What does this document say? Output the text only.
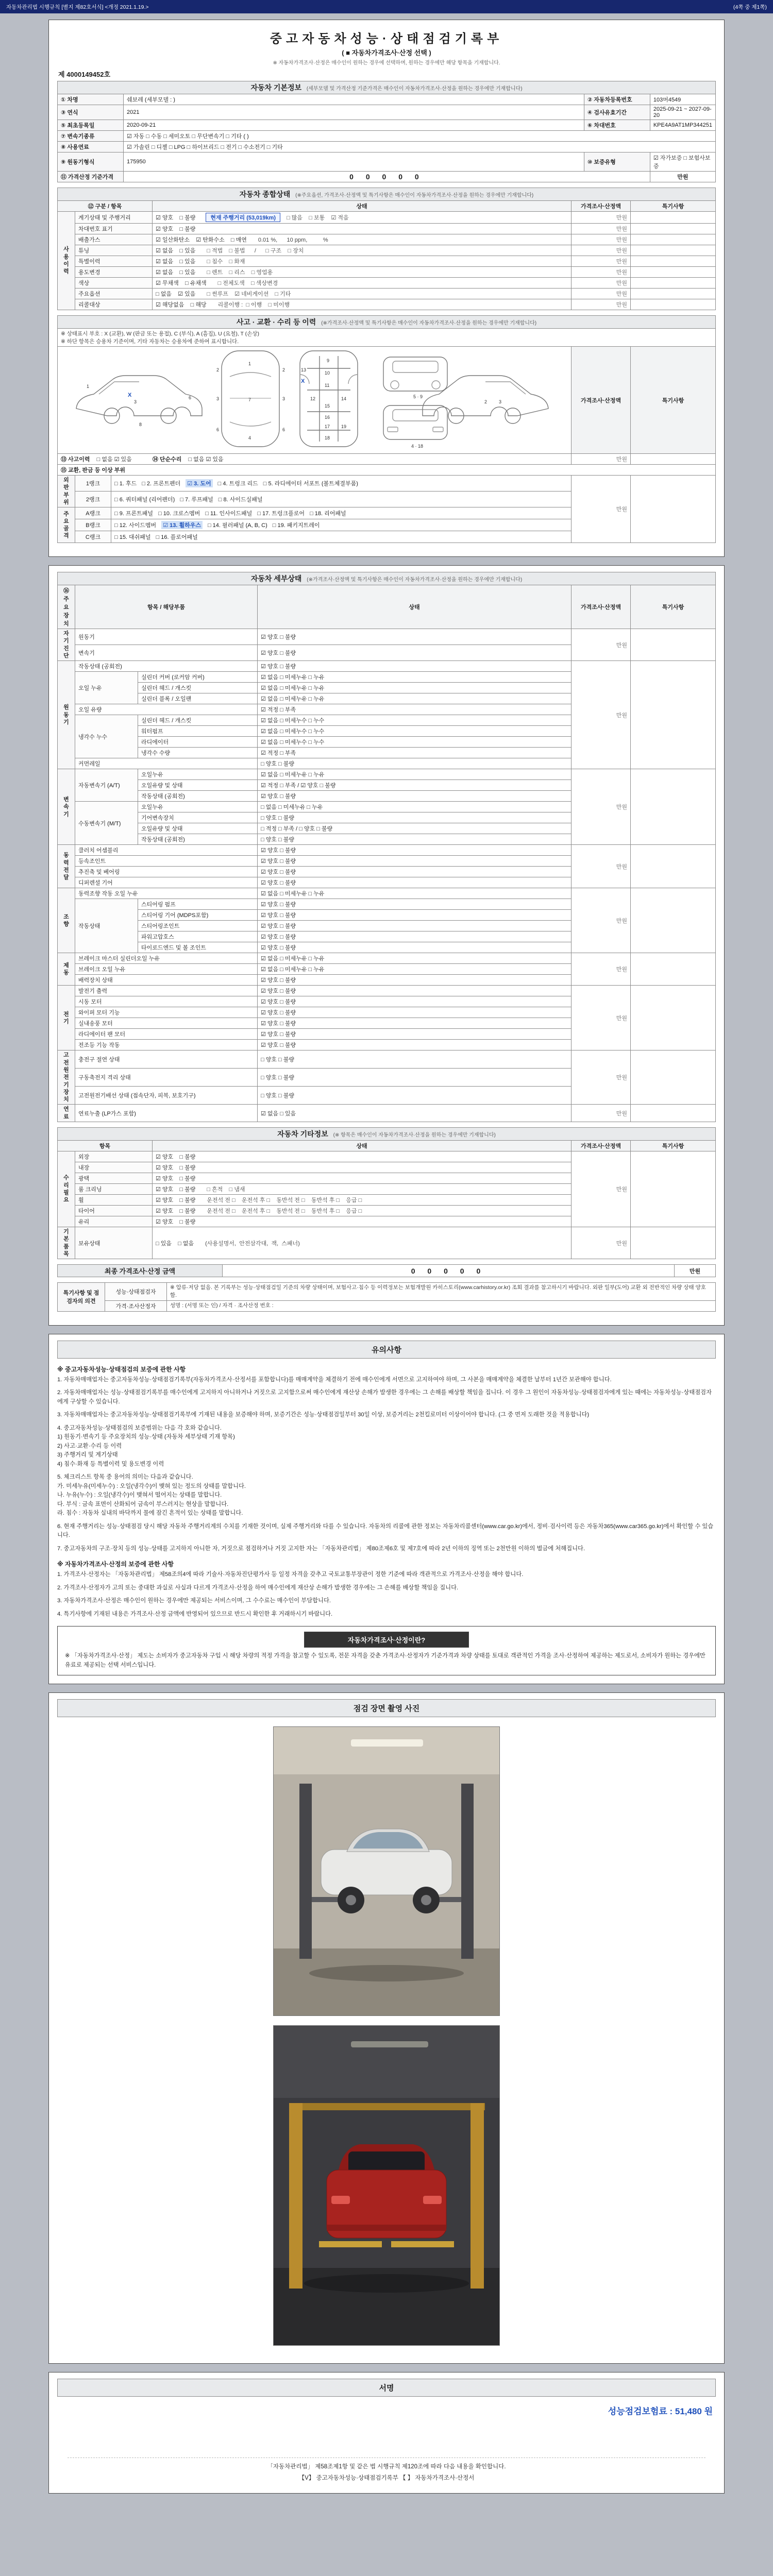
자동차관리법 시행규칙 [별지 제82호서식] <개정 2021.1.19.>	(4쪽 중 제1쪽)
중고자동차성능·상태점검기록부
( ■ 자동차가격조사·산정 선택 )
※ 자동차가격조사·산정은 매수인이 원하는 경우에 선택하며, 원하는 경우에만 해당 항목을 기재합니다.
제 4000149452호
자동차 기본정보 (세부모델 및 가격산정 기준가격은 매수인이 자동차가격조사·산정을 원하는 경우에만 기재합니다)			
① 차명	쉐보레 (세부모델 : )	② 자동차등록번호	103머4549
③ 연식	2021	④ 검사유효기간	2025-09-21 ~ 2027-09-20
⑤ 최초등록일	2020-09-21	⑥ 차대번호	KPE4A9AT1MP344251
⑦ 변속기종류	☑ 자동 □ 수동 □ 세미오토 □ 무단변속기 □ 기타 ( )		
⑧ 사용연료	☑ 가솔린 □ 디젤 □ LPG □ 하이브리드 □ 전기 □ 수소전기 □ 기타		
⑨ 원동기형식	175950	⑩ 보증유형	☑ 자가보증 □ 보험사보증
⑪ 가격산정 기준가격	0 0 0 0 0		만원
자동차 종합상태 (※주요옵션, 가격조사·산정액 및 특기사항은 매수인이 자동차가격조사·산정을 원하는 경우에만 기재합니다)				
⑫ 구분 / 항목		상태	가격조사·산정액	특기사항
사용이력	계기상태 및 주행거리	☑ 양호    □ 불량 현재 주행거리 (53,019km) □ 많음    □ 보통    ☑ 적음	만원	
	차대번호 표기	☑ 양호    □ 불량	만원	
	배출가스	☑ 일산화탄소    ☑ 탄화수소    □ 매연 0.01 %,      10 ppm,          %	만원	
	튜닝	☑ 없음    □ 있음 □ 적법    □ 불법      /      □ 구조    □ 장치	만원	
	특별이력	☑ 없음    □ 있음 □ 침수    □ 화재	만원	
	용도변경	☑ 없음    □ 있음 □ 렌트    □ 리스    □ 영업용	만원	
	색상	☑ 무채색    □ 유채색 □ 전체도색    □ 색상변경	만원	
	주요옵션	□ 없음    ☑ 있음 □ 썬루프    ☑ 네비게이션    □ 기타	만원	
	리콜대상	☑ 해당없음    □ 해당 리콜이행 :  □ 이행    □ 미이행	만원	
사고 · 교환 · 수리 등 이력 (※가격조사·산정액 및 특기사항은 매수인이 자동차가격조사·산정을 원하는 경우에만 기재합니다)				

※ 상태표시 부호 : X (교환), W (판금 또는 용접), C (부식), A (흠집), U (요철), T (손상)
※ 하단 항목은 승용차 기준이며, 기타 자동차는 승용차에 준하여 표시합니다.				

1
3
6
8
X
1
7
4
2	2
3	3
6	6
9
10
11
12	14
15
16
17
18
19
X
13
5 · 9
4 · 18
2	3	가격조사·산정액	특기사항

⑬ 사고이력 □ 없음 ☑ 있음 ⑭ 단순수리 □ 없음 ☑ 있음			만원	
⑮ 교환, 판금 등 이상 부위				
외판부위	1랭크	□ 1. 후드 □ 2. 프론트펜더 ☑ 3. 도어 □ 4. 트렁크 리드 □ 5. 라디에이터 서포트 (볼트체결부품)	만원	
	2랭크	□ 6. 쿼터패널 (리어펜더) □ 7. 루프패널 □ 8. 사이드실패널		
주요골격	A랭크	□ 9. 프론트패널 □ 10. 크로스멤버 □ 11. 인사이드패널 □ 17. 트렁크플로어 □ 18. 리어패널		
	B랭크	□ 12. 사이드멤버 ☑ 13. 휠하우스 □ 14. 필러패널 (A, B, C) □ 19. 패키지트레이		
	C랭크	□ 15. 대쉬패널 □ 16. 플로어패널		
자동차 세부상태 (※가격조사·산정액 및 특기사항은 매수인이 자동차가격조사·산정을 원하는 경우에만 기재합니다)					
⑯ 주요장치	항목 / 해당부품		상태	가격조사·산정액	특기사항
자기진단	원동기		☑ 양호 □ 불량	만원	
	변속기		☑ 양호 □ 불량		
원동기	작동상태 (공회전)		☑ 양호 □ 불량	만원	
	오일 누유	실린더 커버 (로커암 커버)	☑ 없음 □ 미세누유 □ 누유		
		실린더 헤드 / 개스킷	☑ 없음 □ 미세누유 □ 누유		
		실린더 블록 / 오일팬	☑ 없음 □ 미세누유 □ 누유		
	오일 유량		☑ 적정 □ 부족		
	냉각수 누수	실린더 헤드 / 개스킷	☑ 없음 □ 미세누수 □ 누수		
		워터펌프	☑ 없음 □ 미세누수 □ 누수		
		라디에이터	☑ 없음 □ 미세누수 □ 누수		
		냉각수 수량	☑ 적정 □ 부족		
	커먼레일		□ 양호 □ 불량		
변속기	자동변속기 (A/T)	오일누유	☑ 없음 □ 미세누유 □ 누유	만원	
		오일유량 및 상태	☑ 적정 □ 부족 / ☑ 양호 □ 불량		
		작동상태 (공회전)	☑ 양호 □ 불량		
	수동변속기 (M/T)	오일누유	□ 없음 □ 미세누유 □ 누유		
		기어변속장치	□ 양호 □ 불량		
		오일유량 및 상태	□ 적정 □ 부족 / □ 양호 □ 불량		
		작동상태 (공회전)	□ 양호 □ 불량		
동력전달	클러치 어셈블리		☑ 양호 □ 불량	만원	
	등속조인트		☑ 양호 □ 불량		
	추진축 및 베어링		☑ 양호 □ 불량		
	디퍼렌셜 기어		☑ 양호 □ 불량		
조향	동력조향 작동 오일 누유		☑ 없음 □ 미세누유 □ 누유	만원	
	작동상태	스티어링 펌프	☑ 양호 □ 불량		
		스티어링 기어 (MDPS포함)	☑ 양호 □ 불량		
		스티어링조인트	☑ 양호 □ 불량		
		파워고압호스	☑ 양호 □ 불량		
		타이로드엔드 및 볼 조인트	☑ 양호 □ 불량		
제동	브레이크 마스터 실린더오일 누유		☑ 없음 □ 미세누유 □ 누유	만원	
	브레이크 오일 누유		☑ 없음 □ 미세누유 □ 누유		
	배력장치 상태		☑ 양호 □ 불량		
전기	발전기 출력		☑ 양호 □ 불량	만원	
	시동 모터		☑ 양호 □ 불량		
	와이퍼 모터 기능		☑ 양호 □ 불량		
	실내송풍 모터		☑ 양호 □ 불량		
	라디에이터 팬 모터		☑ 양호 □ 불량		
	전조등 기능 작동		☑ 양호 □ 불량		
고전원 전기장치	충전구 절연 상태		□ 양호 □ 불량	만원	
	구동축전지 격리 상태		□ 양호 □ 불량		
	고전원전기배선 상태 (접속단자, 피복, 보호기구)		□ 양호 □ 불량		
연료	연료누출 (LP가스 포함)		☑ 없음 □ 있음	만원	
자동차 기타정보 (※ 항목은 매수인이 자동차가격조사·산정을 원하는 경우에만 기재합니다)				
항목		상태	가격조사·산정액	특기사항
수리필요	외장	☑ 양호    □ 불량	만원	
	내장	☑ 양호    □ 불량		
	광택	☑ 양호    □ 불량		
	룸 크리닝	☑ 양호    □ 불량 □ 흔적    □ 냄새		
	휠	☑ 양호    □ 불량 운전석 전 □    운전석 후 □    동반석 전 □    동반석 후 □    응급 □		
	타이어	☑ 양호    □ 불량 운전석 전 □    운전석 후 □    동반석 전 □    동반석 후 □    응급 □		
	유리	☑ 양호    □ 불량		
기본품목	보유상태	□ 있음    □ 없음 (사용설명서,  안전삼각대,  잭,  스패너)	만원	
최종 가격조사·산정 금액	0 0 0 0 0	만원
특기사항 및 점검자의 의견	성능·상태점검자	※ 압류·저당 없음. 본 기록부는 성능·상태점검일 기준의 차량 상태이며, 보험사고·침수 등 이력정보는 보험개발원 카히스토리(www.carhistory.or.kr) 조회 결과를 참고하시기 바랍니다. 외판 일부(도어) 교환 외 전반적인 차량 상태 양호함.
	가격·조사산정자	성명 : (서명 또는 인) / 자격 · 조사산정 번호 :
유의사항
※ 중고자동차성능·상태점검의 보증에 관한 사항

1. 자동차매매업자는 중고자동차성능·상태점검기록부(자동차가격조사·산정서를 포함합니다)를 매매계약을 체결하기 전에 매수인에게 서면으로 고지하여야 하며, 그 사본을 매매계약을 체결한 날부터 1년간 보관해야 합니다.

2. 자동차매매업자는 성능·상태점검기록부를 매수인에게 고지하지 아니하거나 거짓으로 고지함으로써 매수인에게 재산상 손해가 발생한 경우에는 그 손해를 배상할 책임을 집니다. 이 경우 그 원인이 자동차성능·상태점검자에게 있는 때에는 자동차성능·상태점검자에게 구상할 수 있습니다.

3. 자동차매매업자는 중고자동차성능·상태점검기록부에 기재된 내용을 보증해야 하며, 보증기간은 성능·상태점검일부터 30일 이상, 보증거리는 2천킬로미터 이상이어야 합니다. (그 중 먼저 도래한 것을 적용합니다)

4. 중고자동차성능·상태점검의 보증범위는 다음 각 호와 같습니다.
1) 원동기·변속기 등 주요장치의 성능·상태 (자동차 세부상태 기재 항목)
2) 사고·교환·수리 등 이력
3) 주행거리 및 계기상태
4) 침수·화재 등 특별이력 및 용도변경 이력

5. 체크리스트 항목 중 용어의 의미는 다음과 같습니다.
가. 미세누유(미세누수) : 오일(냉각수)이 맺혀 있는 정도의 상태를 말합니다.
나. 누유(누수) : 오일(냉각수)이 맺혀서 떨어지는 상태를 말합니다.
다. 부식 : 금속 표면이 산화되어 금속이 부스러지는 현상을 말합니다.
라. 침수 : 자동차 실내의 바닥까지 물에 잠긴 흔적이 있는 상태를 말합니다.

6. 현재 주행거리는 성능·상태점검 당시 해당 자동차 주행거리계의 수치를 기재한 것이며, 실제 주행거리와 다를 수 있습니다. 자동차의 리콜에 관한 정보는 자동차리콜센터(www.car.go.kr)에서, 정비·검사이력 등은 자동차365(www.car365.go.kr)에서 확인할 수 있습니다.

7. 중고자동차의 구조·장치 등의 성능·상태를 고지하지 아니한 자, 거짓으로 점검하거나 거짓 고지한 자는 「자동차관리법」 제80조제6호 및 제7호에 따라 2년 이하의 징역 또는 2천만원 이하의 벌금에 처해집니다.

※ 자동차가격조사·산정의 보증에 관한 사항

1. 가격조사·산정자는 「자동차관리법」 제58조의4에 따라 기술사·자동차진단평가사 등 일정 자격을 갖추고 국토교통부장관이 정한 기준에 따라 객관적으로 가격조사·산정을 해야 합니다.

2. 가격조사·산정자가 고의 또는 중대한 과실로 사실과 다르게 가격조사·산정을 하여 매수인에게 재산상 손해가 발생한 경우에는 그 손해를 배상할 책임을 집니다.

3. 자동차가격조사·산정은 매수인이 원하는 경우에만 제공되는 서비스이며, 그 수수료는 매수인이 부담합니다.

4. 특기사항에 기재된 내용은 가격조사·산정 금액에 반영되어 있으므로 반드시 확인한 후 거래하시기 바랍니다.

자동차가격조사·산정이란?

※ 「자동차가격조사·산정」 제도는 소비자가 중고자동차 구입 시 해당 차량의 적정 가격을 참고할 수 있도록, 전문 자격을 갖춘 가격조사·산정자가 기준가격과 차량 상태를 토대로 객관적인 가격을 조사·산정하여 제공하는 제도로서, 소비자가 원하는 경우에만 유료로 제공되는 선택 서비스입니다.

점검 장면 촬영 사진
서명
성능점검보험료 : 51,480 원

「자동차관리법」 제58조제1항 및 같은 법 시행규칙 제120조에 따라 다음 내용을 확인합니다.

【V】 중고자동차성능·상태점검기록부 【 】 자동차가격조사·산정서
